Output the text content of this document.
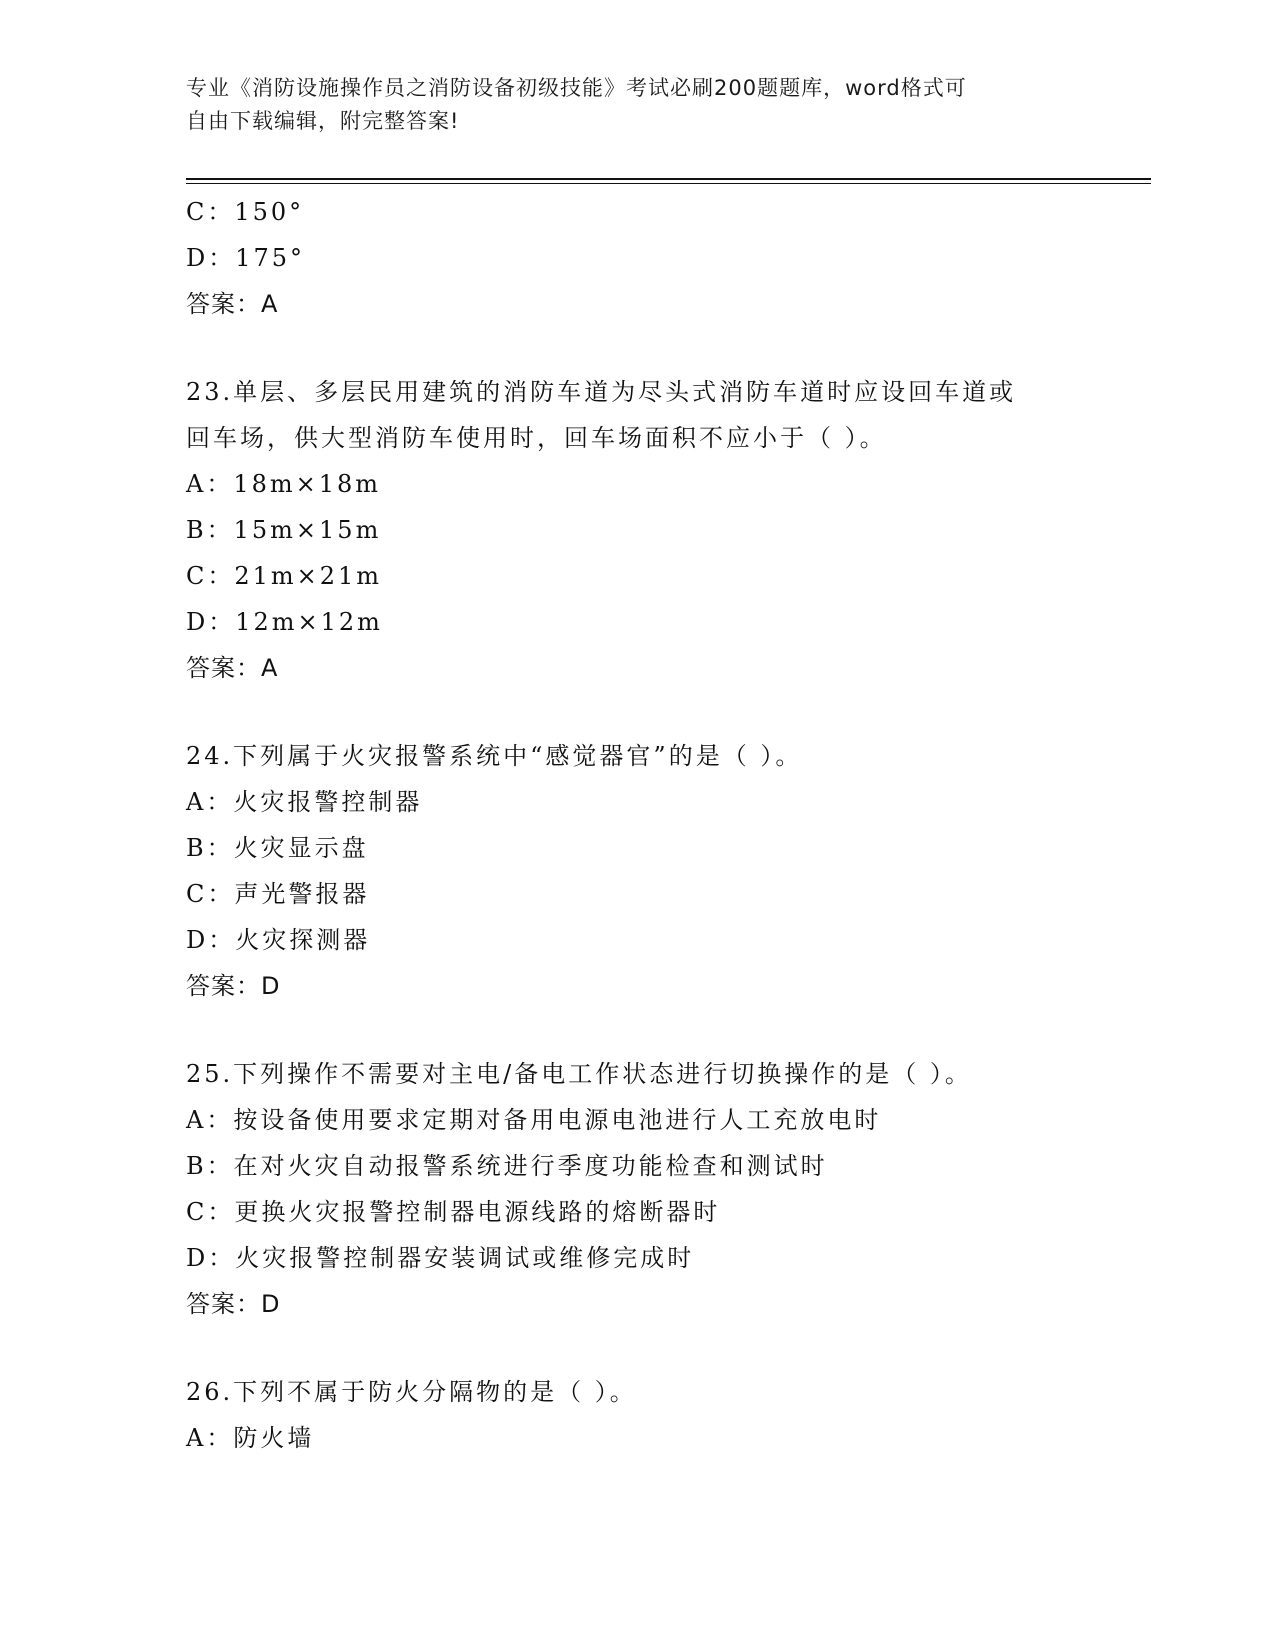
专业《消防设施操作员之消防设备初级技能》考试必刷200题题库，word格式可
自由下载编辑，附完整答案!
C：150°
D：175°
答案：A
23.单层、多层民用建筑的消防车道为尽头式消防车道时应设回车道或
回车场，供大型消防车使用时，回车场面积不应小于（ ）。
A：18m×18m
B：15m×15m
C：21m×21m
D：12m×12m
答案：A
24.下列属于火灾报警系统中“感觉器官”的是（ ）。
A：火灾报警控制器
B：火灾显示盘
C：声光警报器
D：火灾探测器
答案：D
25.下列操作不需要对主电/备电工作状态进行切换操作的是（ ）。
A：按设备使用要求定期对备用电源电池进行人工充放电时
B：在对火灾自动报警系统进行季度功能检查和测试时
C：更换火灾报警控制器电源线路的熔断器时
D：火灾报警控制器安装调试或维修完成时
答案：D
26.下列不属于防火分隔物的是（ ）。
A：防火墙
